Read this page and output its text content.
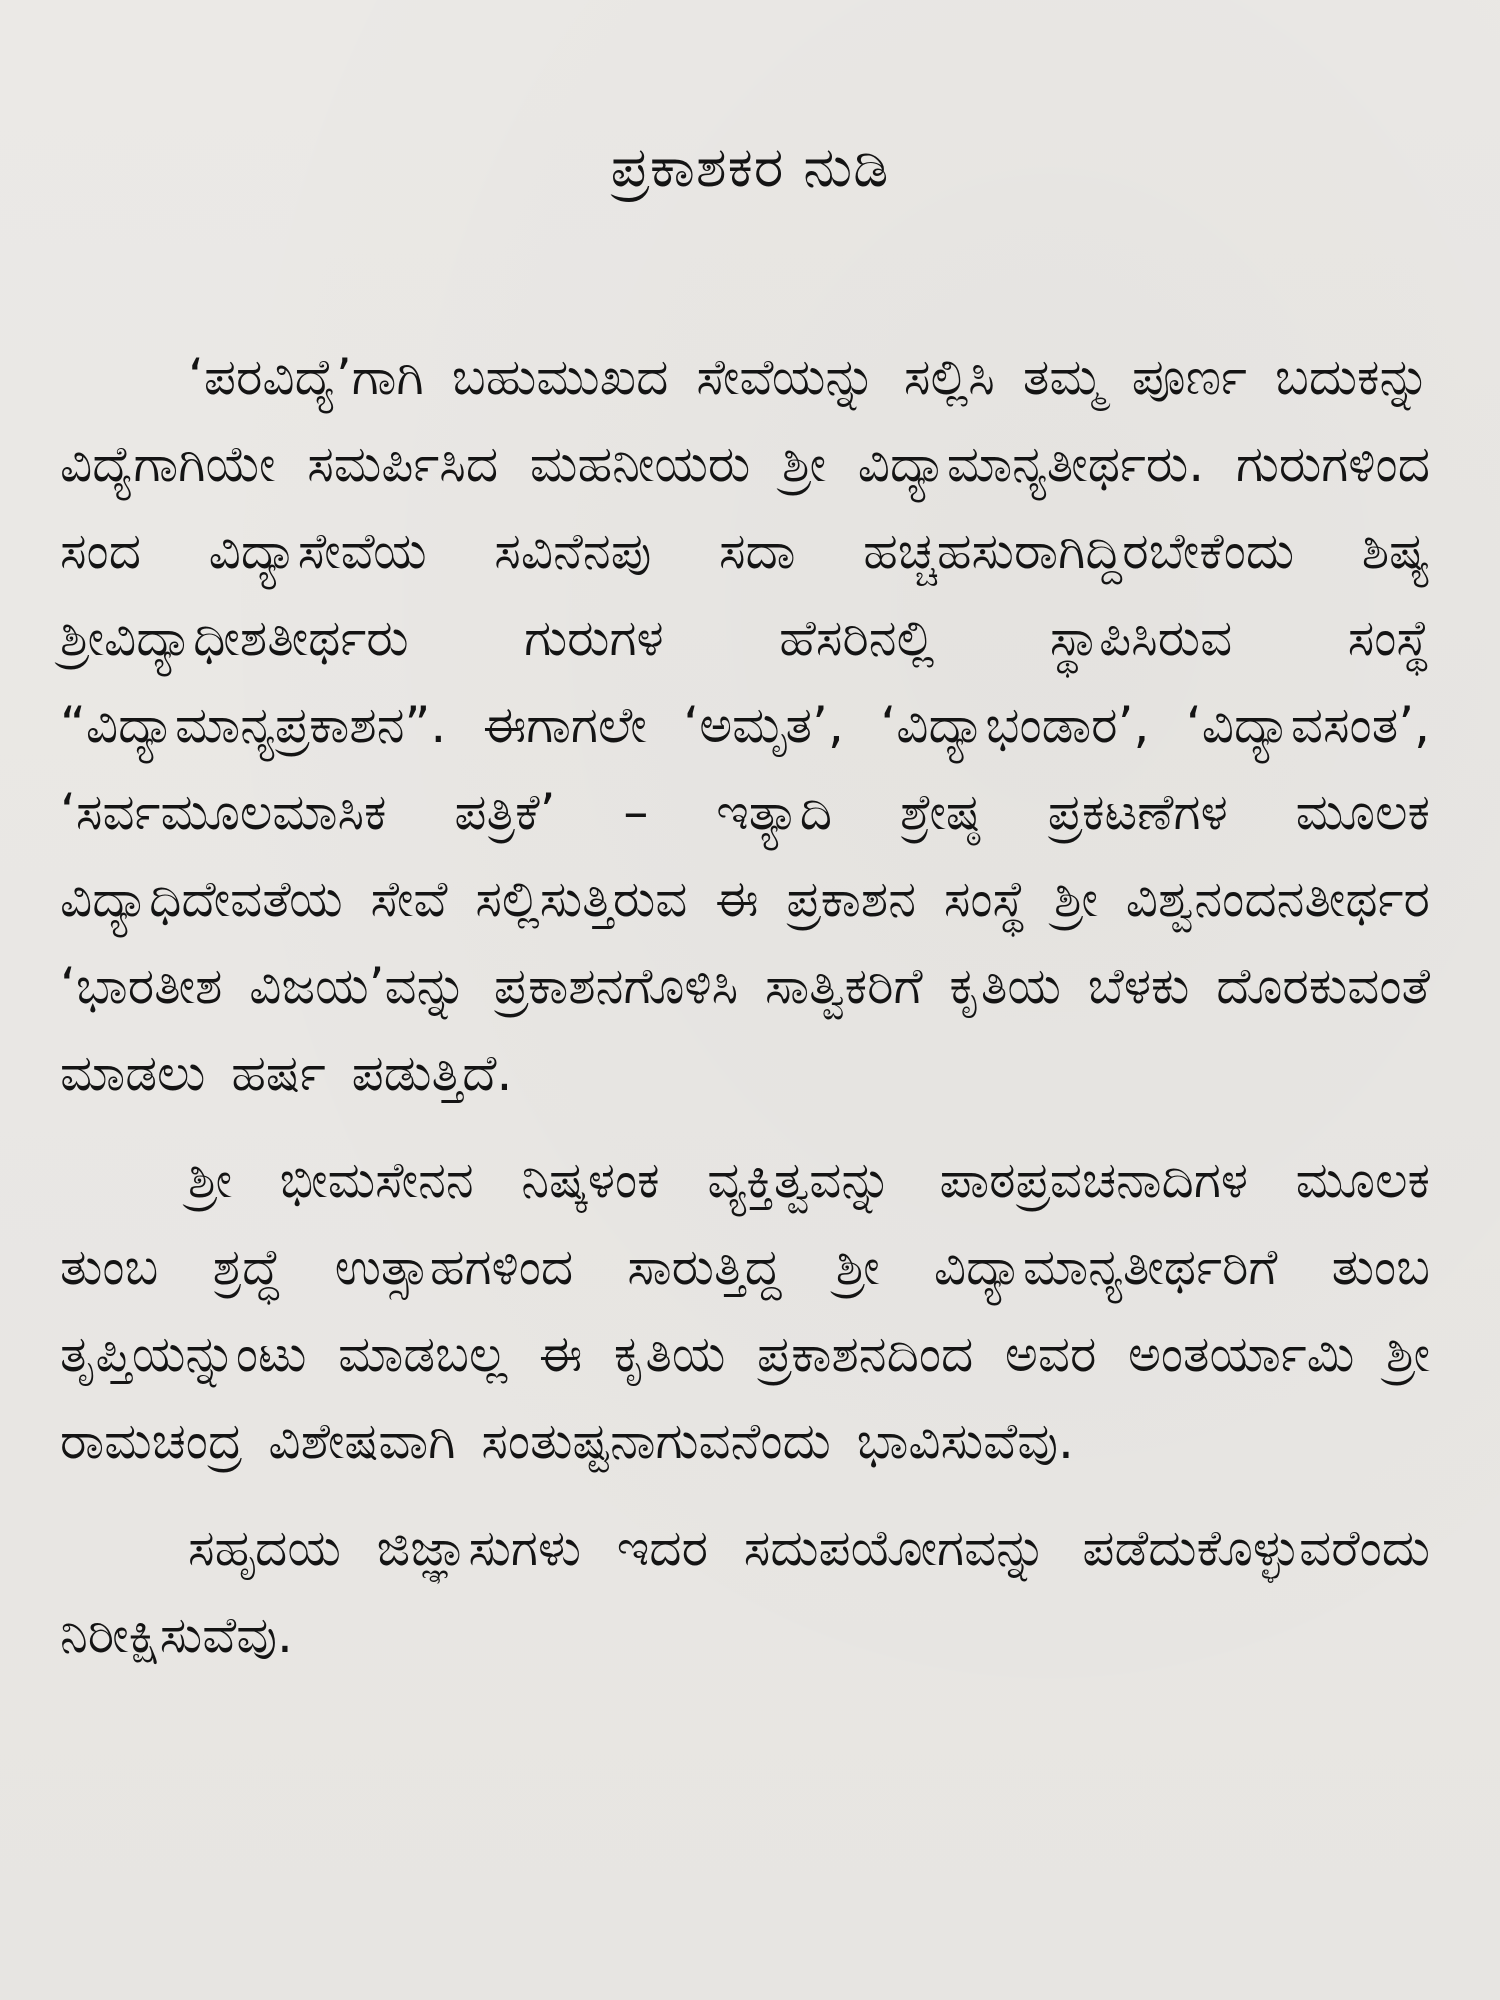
ಪ್ರಕಾಶಕರ ನುಡಿ

‘ಪರವಿದ್ಯೆ’ಗಾಗಿ ಬಹುಮುಖದ ಸೇವೆಯನ್ನು ಸಲ್ಲಿಸಿ ತಮ್ಮ ಪೂರ್ಣ ಬದುಕನ್ನು ವಿದ್ಯೆಗಾಗಿಯೇ ಸಮರ್ಪಿಸಿದ ಮಹನೀಯರು ಶ್ರೀ ವಿದ್ಯಾಮಾನ್ಯತೀರ್ಥರು. ಗುರುಗಳಿಂದ ಸಂದ ವಿದ್ಯಾಸೇವೆಯ ಸವಿನೆನಪು ಸದಾ ಹಚ್ಚಹಸುರಾಗಿದ್ದಿರಬೇಕೆಂದು ಶಿಷ್ಯ ಶ್ರೀವಿದ್ಯಾಧೀಶತೀರ್ಥರು ಗುರುಗಳ ಹೆಸರಿನಲ್ಲಿ ಸ್ಥಾಪಿಸಿರುವ ಸಂಸ್ಥೆ “ವಿದ್ಯಾಮಾನ್ಯಪ್ರಕಾಶನ”. ಈಗಾಗಲೇ ‘ಅಮೃತ’, ‘ವಿದ್ಯಾಭಂಡಾರ’, ‘ವಿದ್ಯಾವಸಂತ’, ‘ಸರ್ವಮೂಲಮಾಸಿಕ ಪತ್ರಿಕೆ’ – ಇತ್ಯಾದಿ ಶ್ರೇಷ್ಠ ಪ್ರಕಟಣೆಗಳ ಮೂಲಕ ವಿದ್ಯಾಧಿದೇವತೆಯ ಸೇವೆ ಸಲ್ಲಿಸುತ್ತಿರುವ ಈ ಪ್ರಕಾಶನ ಸಂಸ್ಥೆ ಶ್ರೀ ವಿಶ್ವನಂದನತೀರ್ಥರ ‘ಭಾರತೀಶ ವಿಜಯ’ವನ್ನು ಪ್ರಕಾಶನಗೊಳಿಸಿ ಸಾತ್ವಿಕರಿಗೆ ಕೃತಿಯ ಬೆಳಕು ದೊರಕುವಂತೆ ಮಾಡಲು ಹರ್ಷ ಪಡುತ್ತಿದೆ.

ಶ್ರೀ ಭೀಮಸೇನನ ನಿಷ್ಕಳಂಕ ವ್ಯಕ್ತಿತ್ವವನ್ನು ಪಾಠಪ್ರವಚನಾದಿಗಳ ಮೂಲಕ ತುಂಬ ಶ್ರದ್ಧೆ ಉತ್ಸಾಹಗಳಿಂದ ಸಾರುತ್ತಿದ್ದ ಶ್ರೀ ವಿದ್ಯಾಮಾನ್ಯತೀರ್ಥರಿಗೆ ತುಂಬ ತೃಪ್ತಿಯನ್ನುಂಟು ಮಾಡಬಲ್ಲ ಈ ಕೃತಿಯ ಪ್ರಕಾಶನದಿಂದ ಅವರ ಅಂತರ್ಯಾಮಿ ಶ್ರೀ ರಾಮಚಂದ್ರ ವಿಶೇಷವಾಗಿ ಸಂತುಷ್ಟನಾಗುವನೆಂದು ಭಾವಿಸುವೆವು.

ಸಹೃದಯ ಜಿಜ್ಞಾಸುಗಳು ಇದರ ಸದುಪಯೋಗವನ್ನು ಪಡೆದುಕೊಳ್ಳುವರೆಂದು ನಿರೀಕ್ಷಿಸುವೆವು.
